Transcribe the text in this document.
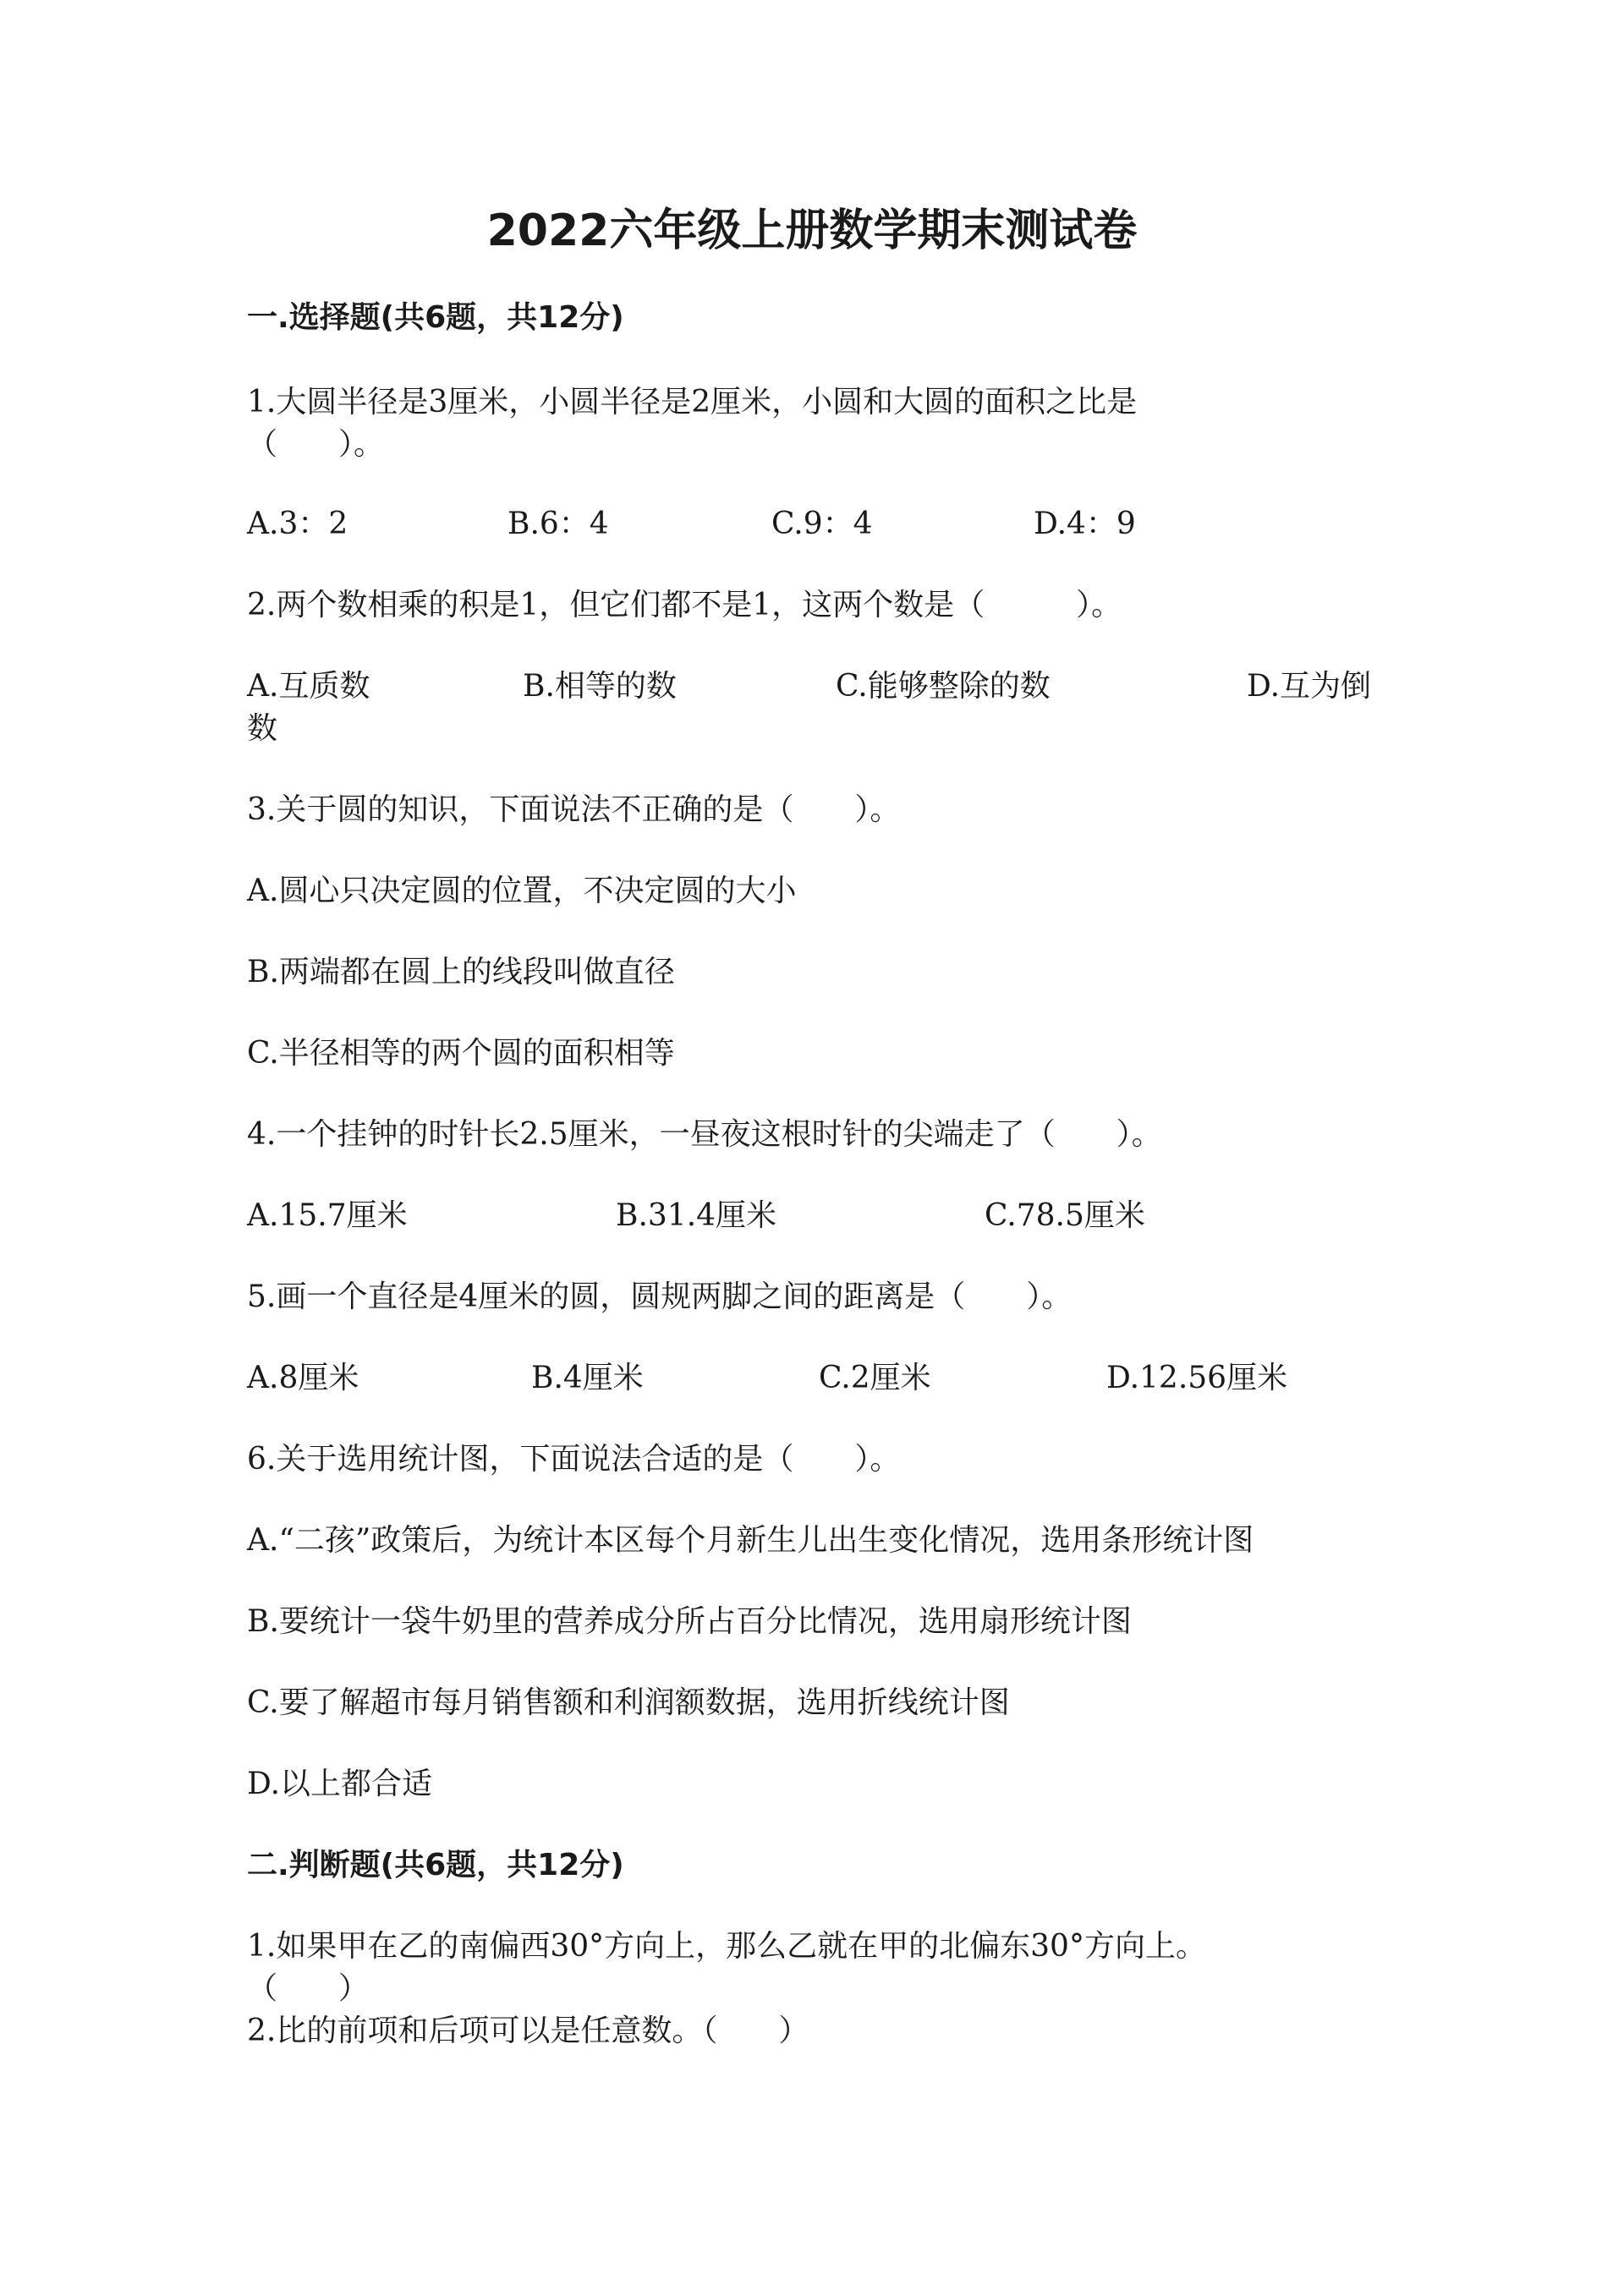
2022六年级上册数学期末测试卷
一.选择题(共6题，共12分)
1.大圆半径是3厘米，小圆半径是2厘米，小圆和大圆的面积之比是
（　　）。
A.3：2	B.6：4	C.9：4	D.4：9
2.两个数相乘的积是1，但它们都不是1，这两个数是（　　　）。
A.互质数	B.相等的数	C.能够整除的数	D.互为倒
数
3.关于圆的知识，下面说法不正确的是（　　）。
A.圆心只决定圆的位置，不决定圆的大小
B.两端都在圆上的线段叫做直径
C.半径相等的两个圆的面积相等
4.一个挂钟的时针长2.5厘米，一昼夜这根时针的尖端走了（　　）。
A.15.7厘米	B.31.4厘米	C.78.5厘米
5.画一个直径是4厘米的圆，圆规两脚之间的距离是（　　）。
A.8厘米	B.4厘米	C.2厘米	D.12.56厘米
6.关于选用统计图，下面说法合适的是（　　）。
A.“二孩”政策后，为统计本区每个月新生儿出生变化情况，选用条形统计图
B.要统计一袋牛奶里的营养成分所占百分比情况，选用扇形统计图
C.要了解超市每月销售额和利润额数据，选用折线统计图
D.以上都合适
二.判断题(共6题，共12分)
1.如果甲在乙的南偏西30°方向上，那么乙就在甲的北偏东30°方向上。
（　　）
2.比的前项和后项可以是任意数。（　　）
